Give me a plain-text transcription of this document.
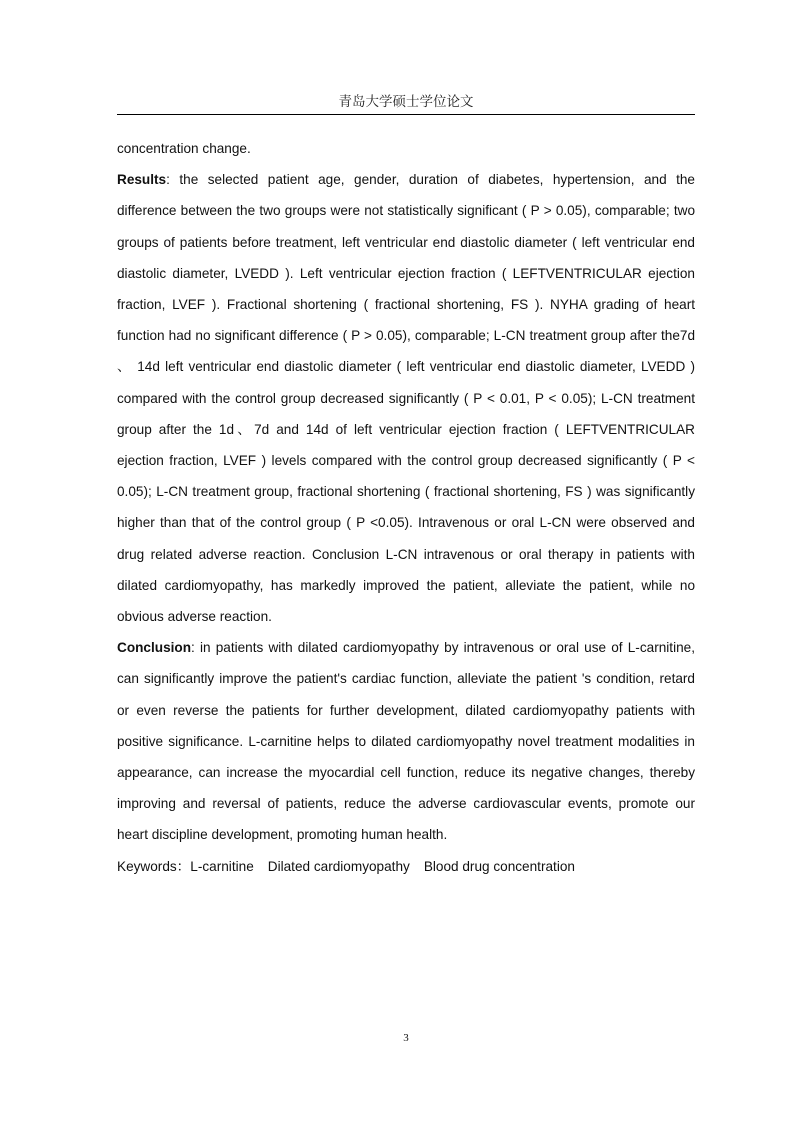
青岛大学硕士学位论文

concentration change.

Results: the selected patient age, gender, duration of diabetes, hypertension, and the difference between the two groups were not statistically significant ( P > 0.05), comparable; two groups of patients before treatment, left ventricular end diastolic diameter ( left ventricular end diastolic diameter, LVEDD ). Left ventricular ejection fraction ( LEFTVENTRICULAR ejection fraction, LVEF ). Fractional shortening ( fractional shortening, FS ). NYHA grading of heart function had no significant difference ( P > 0.05), comparable; L-CN treatment group after the7d 、 14d left ventricular end diastolic diameter ( left ventricular end diastolic diameter, LVEDD ) compared with the control group decreased significantly ( P < 0.01, P < 0.05); L-CN treatment group after the 1d、7d and 14d of left ventricular ejection fraction ( LEFTVENTRICULAR ejection fraction, LVEF ) levels compared with the control group decreased significantly ( P < 0.05); L-CN treatment group, fractional shortening ( fractional shortening, FS ) was significantly higher than that of the control group ( P <0.05). Intravenous or oral L-CN were observed and drug related adverse reaction. Conclusion L-CN intravenous or oral therapy in patients with dilated cardiomyopathy, has markedly improved the patient, alleviate the patient, while no obvious adverse reaction.

Conclusion: in patients with dilated cardiomyopathy by intravenous or oral use of L-carnitine, can significantly improve the patient's cardiac function, alleviate the patient 's condition, retard or even reverse the patients for further development, dilated cardiomyopathy patients with positive significance. L-carnitine helps to dilated cardiomyopathy novel treatment modalities in appearance, can increase the myocardial cell function, reduce its negative changes, thereby improving and reversal of patients, reduce the adverse cardiovascular events, promote our heart discipline development, promoting human health.

Keywords：L-carnitine Dilated cardiomyopathy Blood drug concentration

3
